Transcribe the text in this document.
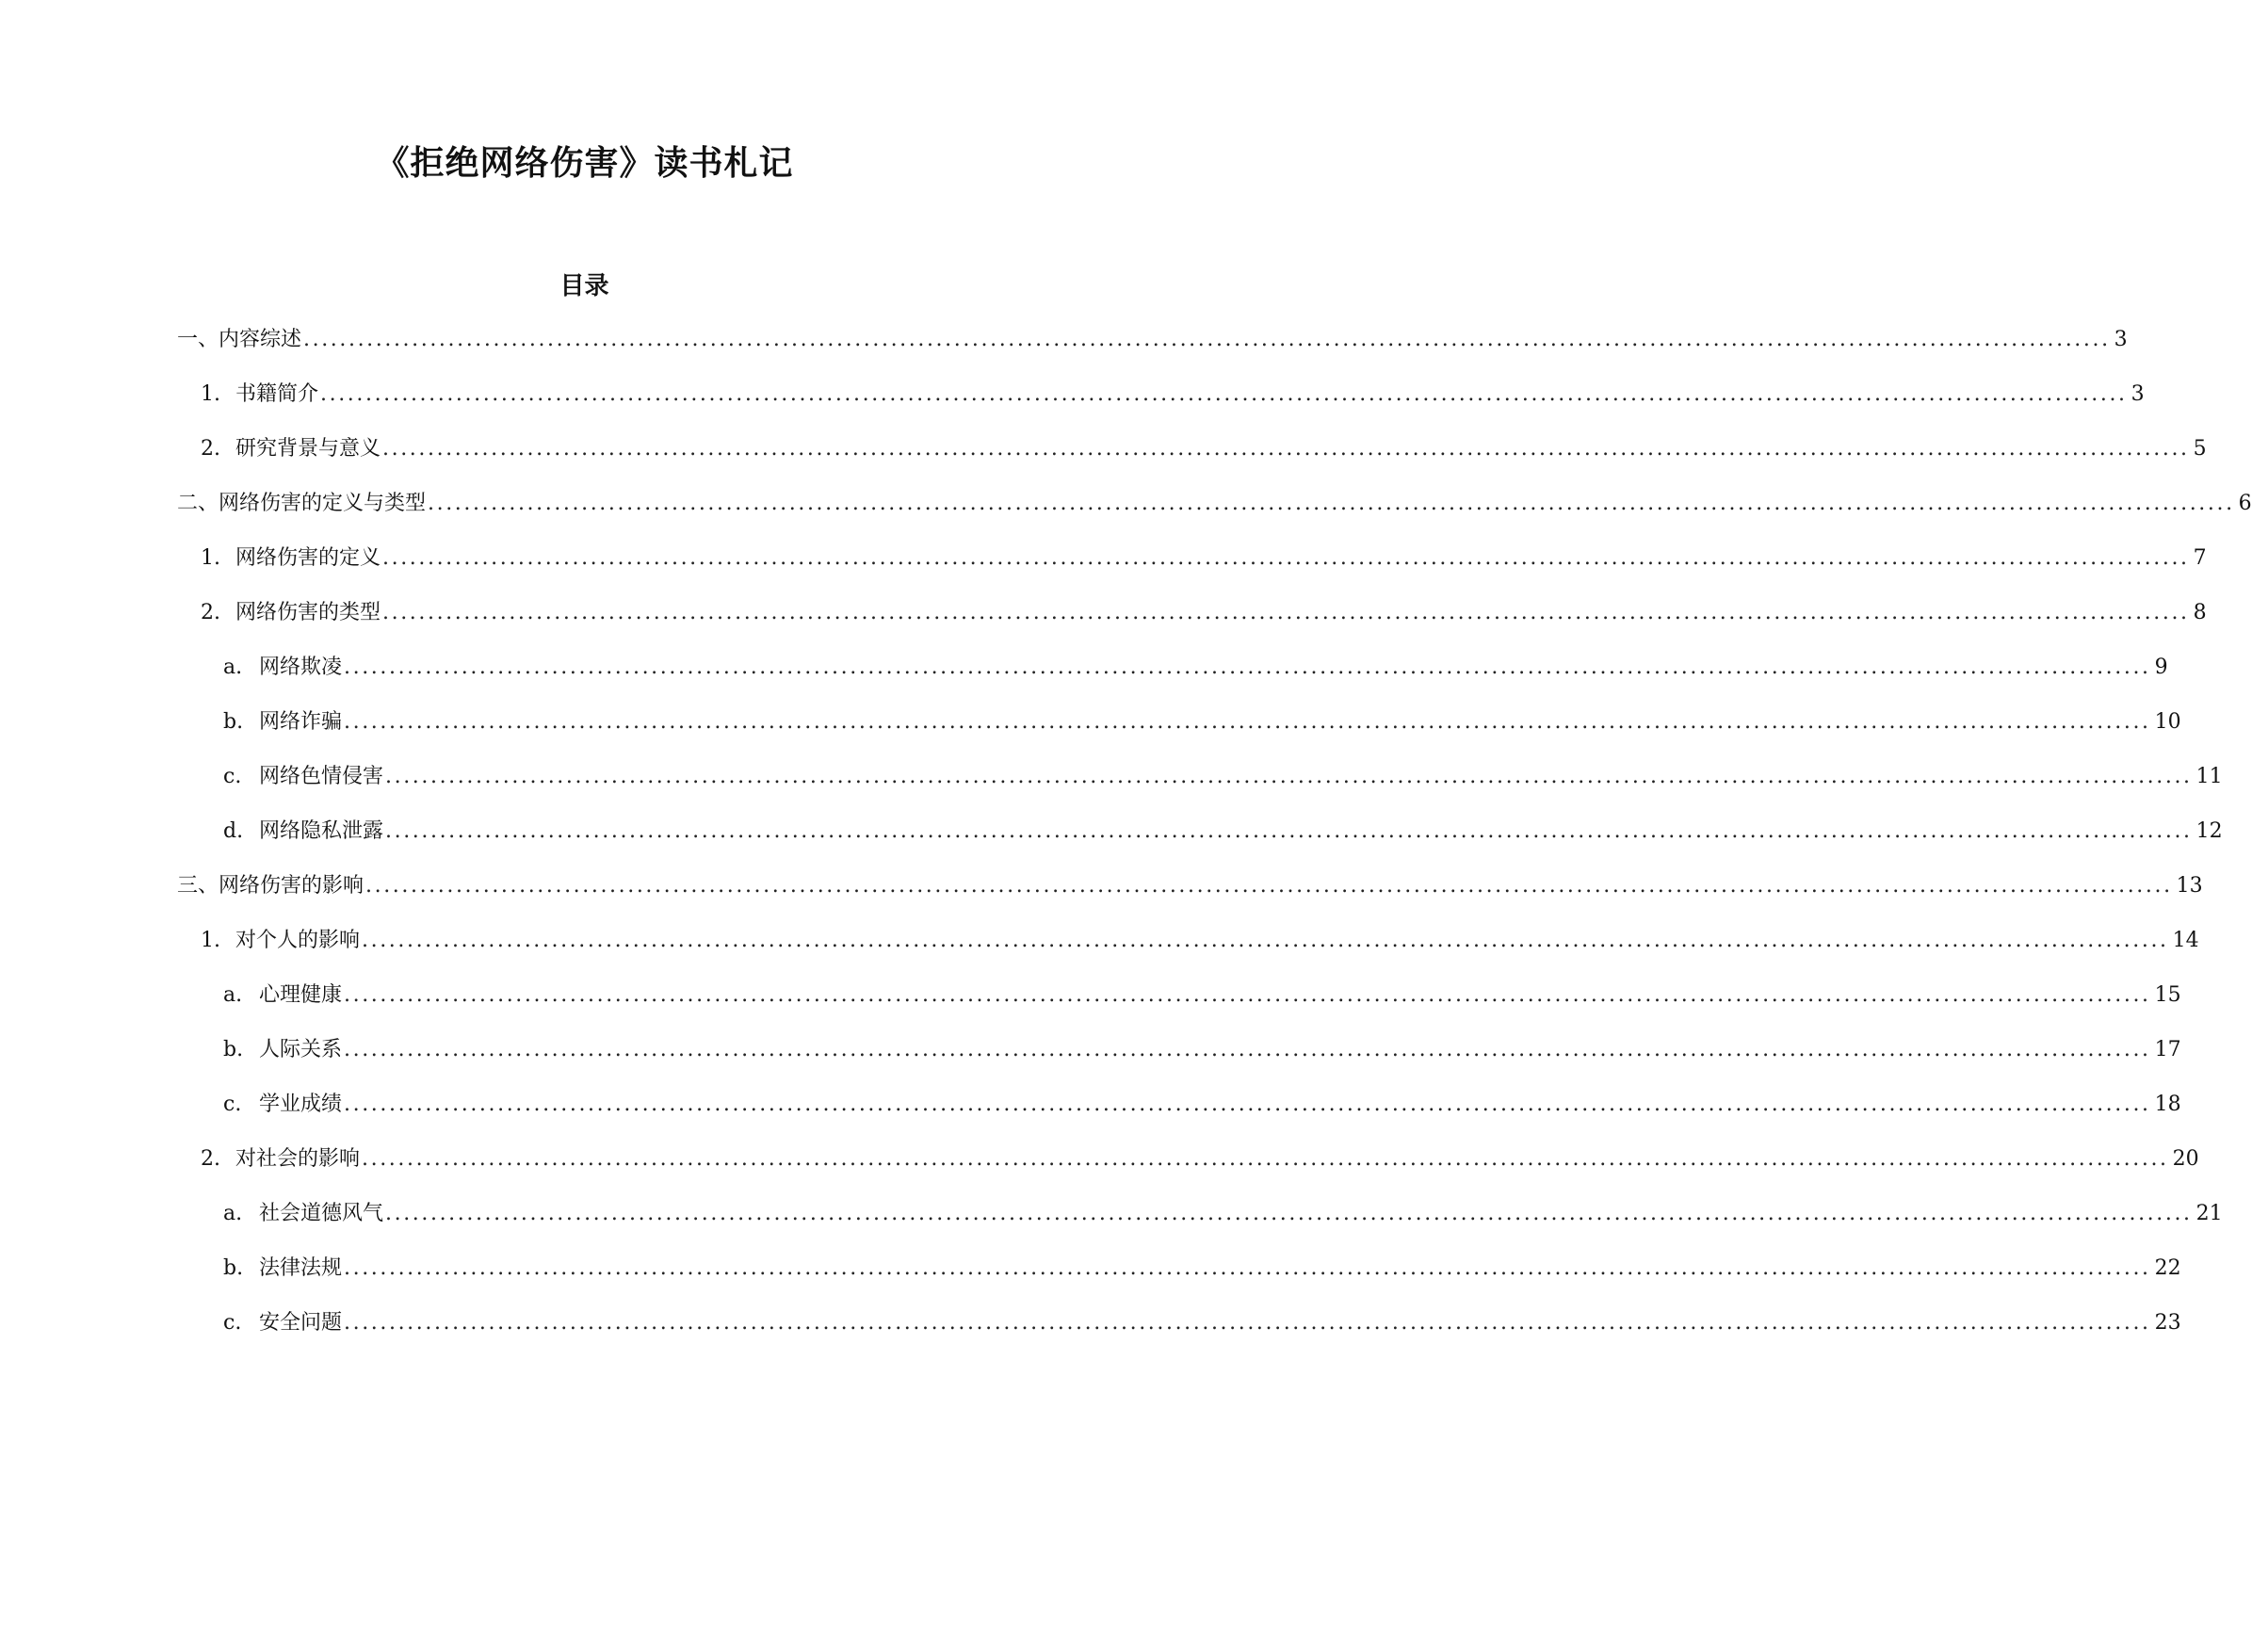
《拒绝网络伤害》读书札记
目录
一、 内容综述 ........................................................................................................................................................................................................ 3
1. 书籍简介 ........................................................................................................................................................................................................ 3
2. 研究背景与意义 ........................................................................................................................................................................................................ 5
二、 网络伤害的定义与类型 ........................................................................................................................................................................................................ 6
1. 网络伤害的定义 ........................................................................................................................................................................................................ 7
2. 网络伤害的类型 ........................................................................................................................................................................................................ 8
a. 网络欺凌 ........................................................................................................................................................................................................ 9
b. 网络诈骗 ........................................................................................................................................................................................................ 10
c. 网络色情侵害 ........................................................................................................................................................................................................ 11
d. 网络隐私泄露 ........................................................................................................................................................................................................ 12
三、 网络伤害的影响 ........................................................................................................................................................................................................ 13
1. 对个人的影响 ........................................................................................................................................................................................................ 14
a. 心理健康 ........................................................................................................................................................................................................ 15
b. 人际关系 ........................................................................................................................................................................................................ 17
c. 学业成绩 ........................................................................................................................................................................................................ 18
2. 对社会的影响 ........................................................................................................................................................................................................ 20
a. 社会道德风气 ........................................................................................................................................................................................................ 21
b. 法律法规 ........................................................................................................................................................................................................ 22
c. 安全问题 ........................................................................................................................................................................................................ 23
